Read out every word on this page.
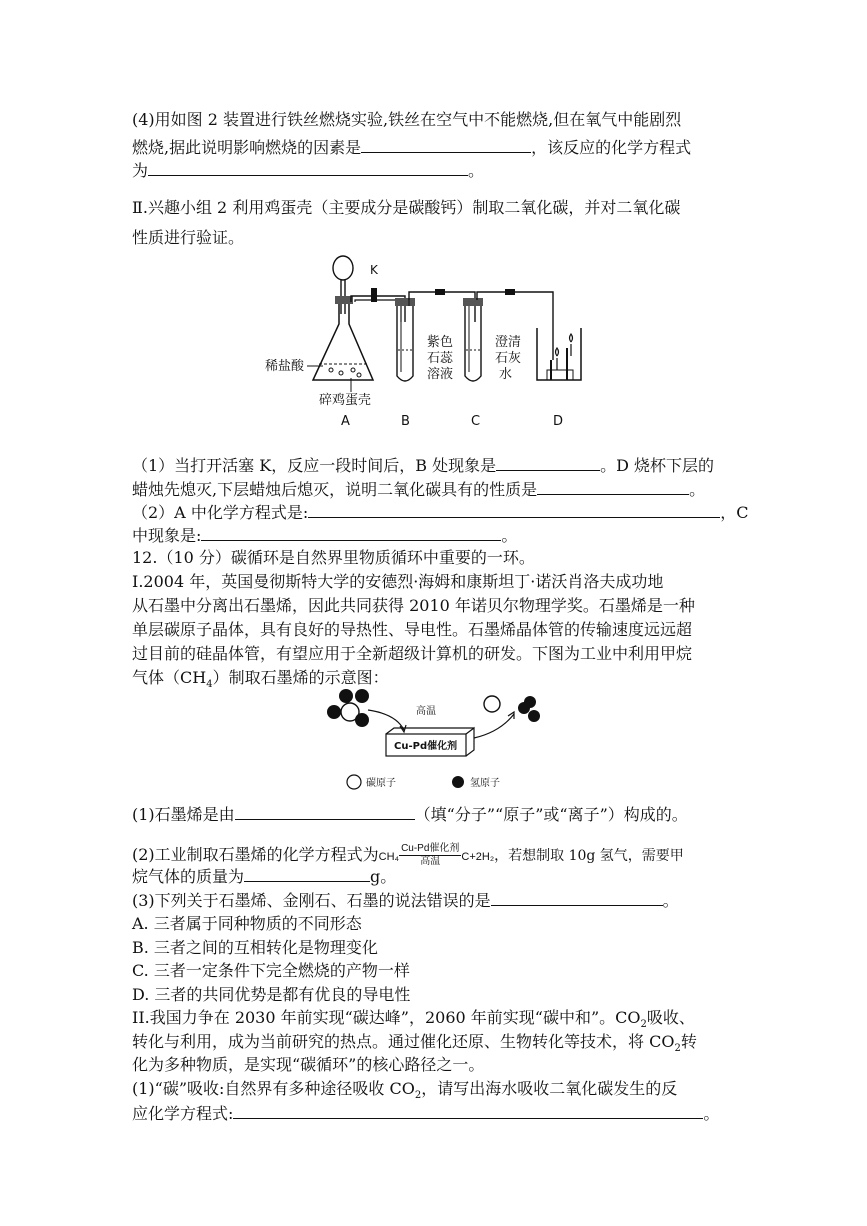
(4)用如图 2 装置进行铁丝燃烧实验,铁丝在空气中不能燃烧,但在氧气中能剧烈
燃烧,据此说明影响燃烧的因素是	，该反应的化学方程式
为	。
Ⅱ.兴趣小组 2 利用鸡蛋壳（主要成分是碳酸钙）制取二氧化碳，并对二氧化碳
性质进行验证。
K
稀盐酸
碎鸡蛋壳
紫色
石蕊
溶液
澄清
石灰
水
A	B	C	D
（1）当打开活塞 K，反应一段时间后，B 处现象是	。D 烧杯下层的
蜡烛先熄灭,下层蜡烛后熄灭，说明二氧化碳具有的性质是	。
（2）A 中化学方程式是:	，C
中现象是:	。
12.（10 分）碳循环是自然界里物质循环中重要的一环。
I.2004 年，英国曼彻斯特大学的安德烈·海姆和康斯坦丁·诺沃肖洛夫成功地
从石墨中分离出石墨烯，因此共同获得 2010 年诺贝尔物理学奖。石墨烯是一种
单层碳原子晶体，具有良好的导热性、导电性。石墨烯晶体管的传输速度远远超
过目前的硅晶体管，有望应用于全新超级计算机的研发。下图为工业中利用甲烷
气体$(CH_4)$制取石墨烯的示意图：
高温
Cu-Pd催化剂
碳原子	氢原子
(1)石墨烯是由	（填“分子”“原子”或“离子”）构成的。
(2)工业制取石墨烯的化学方程式为$CH_4 \frac{\text{Cu-Pd催化剂}}{\text{高温}} C+2H_2$，若想制取 10g 氢气，需要甲
烷气体的质量为	g。
(3)下列关于石墨烯、金刚石、石墨的说法错误的是	。
A. 三者属于同种物质的不同形态
B. 三者之间的互相转化是物理变化
C. 三者一定条件下完全燃烧的产物一样
D. 三者的共同优势是都有优良的导电性
II.我国力争在 2030 年前实现“碳达峰”，2060 年前实现“碳中和”。$CO_2$吸收、
转化与利用，成为当前研究的热点。通过催化还原、生物转化等技术，将 $CO_2$转
化为多种物质，是实现“碳循环”的核心路径之一。
(1)“碳”吸收:自然界有多种途径吸收 $CO_2$，请写出海水吸收二氧化碳发生的反
应化学方程式:	。
